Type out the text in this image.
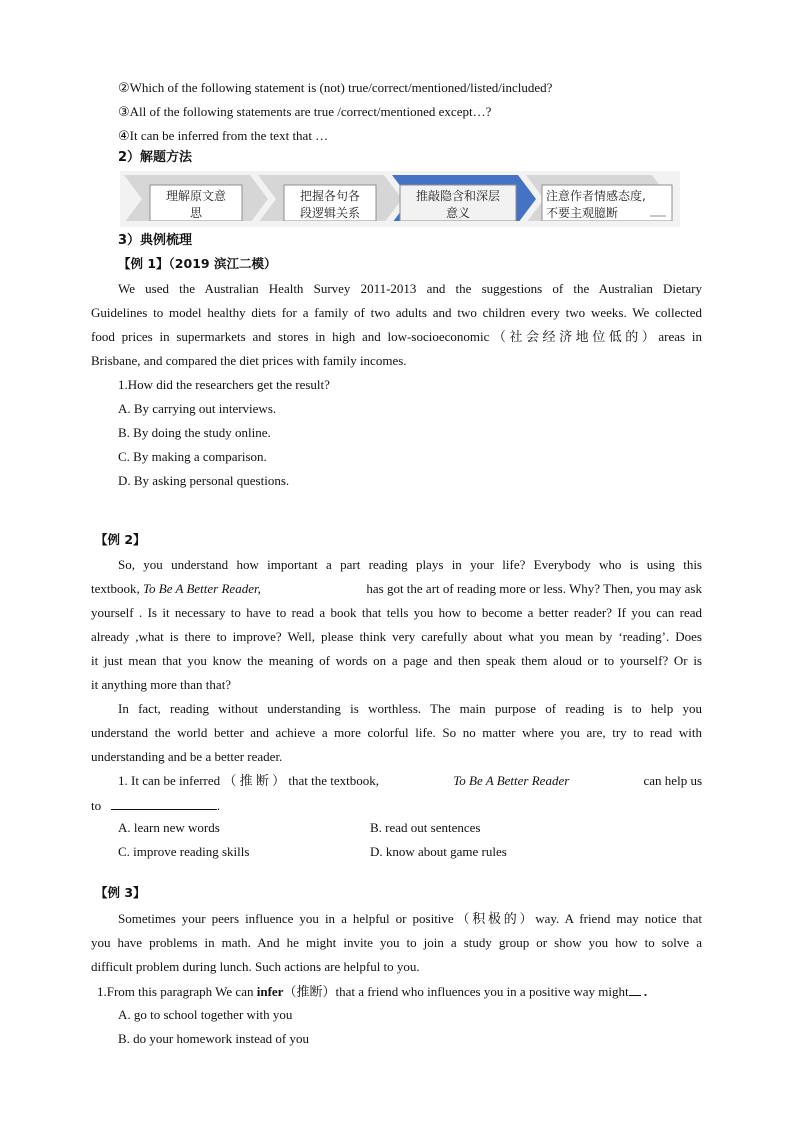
②Which of the following statement is (not) true/correct/mentioned/listed/included?
③All of the following statements are true /correct/mentioned except…?
④It can be inferred from the text that …
2）解题方法
理解原文意
思
把握各句各
段逻辑关系
推敲隐含和深层
意义
注意作者情感态度,
不要主观臆断
3）典例梳理
【例 1】（2019 滨江二模）
We used the Australian Health Survey 2011-2013 and the suggestions of the Australian Dietary
Guidelines to model healthy diets for a family of two adults and two children every two weeks. We collected
food prices in supermarkets and stores in high and low-socioeconomic（社会经济地位低的）areas in
Brisbane, and compared the diet prices with family incomes.
1.How did the researchers get the result?
A. By carrying out interviews.
B. By doing the study online.
C. By making a comparison.
D. By asking personal questions.
【例 2】
So, you understand how important a part reading plays in your life? Everybody who is using this
textbook, To Be A Better Reader,	has got the art of reading more or less. Why? Then, you may ask
yourself . Is it necessary to have to read a book that tells you how to become a better reader? If you can read
already ,what is there to improve? Well, please think very carefully about what you mean by ‘reading’. Does
it just mean that you know the meaning of words on a page and then speak them aloud or to yourself? Or is
it anything more than that?
In fact, reading without understanding is worthless. The main purpose of reading is to help you
understand the world better and achieve a more colorful life. So no matter where you are, try to read with
understanding and be a better reader.
1. It can be inferred （ 推 断 ） that the textbook,	To Be A Better Reader	can help us
to	.
A. learn new words	B. read out sentences
C. improve reading skills	D. know about game rules
【例 3】
Sometimes your peers influence you in a helpful or positive（积极的）way. A friend may notice that
you have problems in math. And he might invite you to join a study group or show you how to solve a
difficult problem during lunch. Such actions are helpful to you.
1.From this paragraph We can infer（推断）that a friend who influences you in a positive way might .
A. go to school together with you
B. do your homework instead of you
